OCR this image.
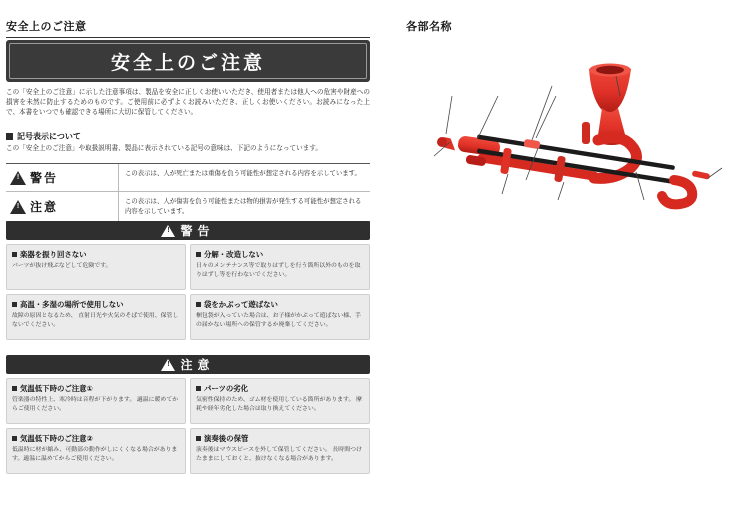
安全上のご注意
安全上のご注意
この「安全上のご注意」に示した注意事項は、製品を安全に正しくお使いいただき、使用者または他人への危害や財産への損害を未然に防止するためのものです。ご使用前に必ずよくお読みいただき、正しくお使いください。お読みになった上で、本書をいつでも確認できる場所に大切に保管してください。
記号表示について
この「安全上のご注意」や取扱説明書、製品に表示されている記号の意味は、下記のようになっています。
! 警告	この表示は、人が死亡または重傷を負う可能性が想定される内容を示しています。
! 注意	この表示は、人が傷害を負う可能性または物的損害が発生する可能性が想定される内容を示しています。
! 警告
楽器を振り回さない
パーツが抜け飛ぶなどして危険です。
分解・改造しない
日々のメンテナンス等で取りはずしを行う箇所以外のものを取りはずし等を行わないでください。
高温・多湿の場所で使用しない
故障の原因となるため、 直射日光や火気のそばで使用、保管しないでください。
袋をかぶって遊ばない
梱包袋が入っていた場合は、お子様がかぶって遊ばない様、手の届かない場所への保管するか廃棄してください。
! 注意
気温低下時のご注意①
管楽器の特性上、寒冷時は音程が下がります。 適温に暖めてからご使用ください。
パーツの劣化
気密性保持のため、ゴム材を使用している箇所があります。 摩耗や経年劣化した場合は取り換えてください。
気温低下時のご注意②
低温時に材が縮み、可動部の動作がしにくくなる場合があります。適温に温めてからご使用ください。
演奏後の保管
演奏後はマウスピースを外して保管してください。 長時間つけたままにしておくと、抜けなくなる場合があります。
各部名称
